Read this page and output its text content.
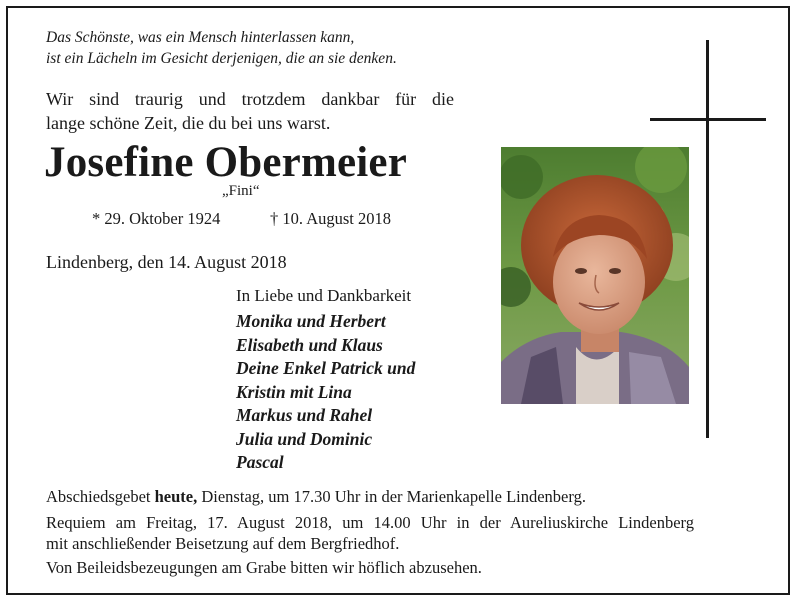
Das Schönste, was ein Mensch hinterlassen kann,
ist ein Lächeln im Gesicht derjenigen, die an sie denken.
Wir sind traurig und trotzdem dankbar für die
lange schöne Zeit, die du bei uns warst.
Josefine Obermeier
„Fini“
* 29. Oktober 1924	† 10. August 2018
Lindenberg, den 14. August 2018
In Liebe und Dankbarkeit
Monika und Herbert
Elisabeth und Klaus
Deine Enkel Patrick und
Kristin mit Lina
Markus und Rahel
Julia und Dominic
Pascal
Abschiedsgebet heute, Dienstag, um 17.30 Uhr in der Marienkapelle Lindenberg.
Requiem am Freitag, 17. August 2018, um 14.00 Uhr in der Aureliuskirche Lindenberg
mit anschließender Beisetzung auf dem Bergfriedhof.
Von Beileidsbezeugungen am Grabe bitten wir höflich abzusehen.
